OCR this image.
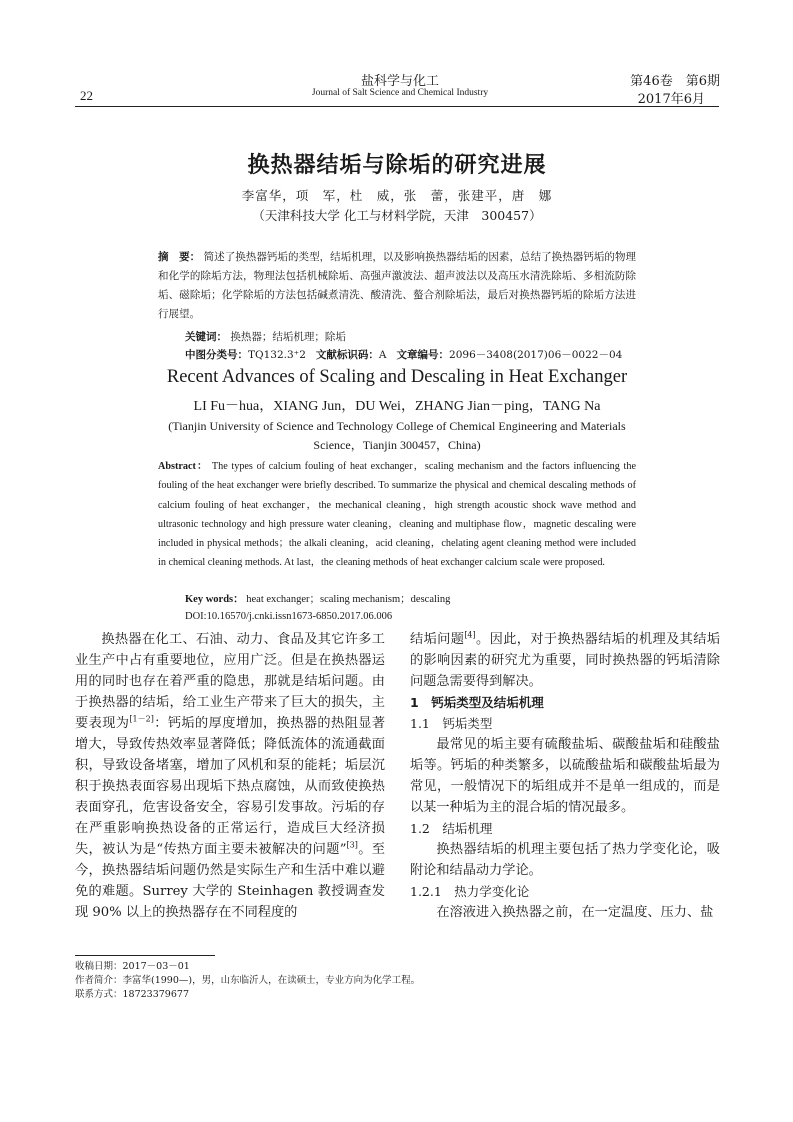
盐科学与化工
Journal of Salt Science and Chemical Industry
22
第46卷　第6期
2017年6月
换热器结垢与除垢的研究进展
李富华，项　军，杜　威，张　蕾，张建平，唐　娜
（天津科技大学 化工与材料学院，天津　300457）
摘　要： 简述了换热器钙垢的类型，结垢机理，以及影响换热器结垢的因素，总结了换热器钙垢的物理和化学的除垢方法，物理法包括机械除垢、高强声激波法、超声波法以及高压水清洗除垢、多相流防除垢、磁除垢；化学除垢的方法包括碱煮清洗、酸清洗、螯合剂除垢法，最后对换热器钙垢的除垢方法进行展望。
关键词： 换热器；结垢机理；除垢
中图分类号：TQ132.3⁺2 文献标识码：A 文章编号：2096－3408(2017)06－0022－04
Recent Advances of Scaling and Descaling in Heat Exchanger
LI Fu－hua，XIANG Jun，DU Wei，ZHANG Jian－ping，TANG Na
(Tianjin University of Science and Technology College of Chemical Engineering and Materials Science，Tianjin 300457，China)
Abstract： The types of calcium fouling of heat exchanger，scaling mechanism and the factors influencing the fouling of the heat exchanger were briefly described. To summarize the physical and chemical descaling methods of calcium fouling of heat exchanger，the mechanical cleaning，high strength acoustic shock wave method and ultrasonic technology and high pressure water cleaning，cleaning and multiphase flow，magnetic descaling were included in physical methods；the alkali cleaning，acid cleaning，chelating agent cleaning method were included in chemical cleaning methods. At last，the cleaning methods of heat exchanger calcium scale were proposed.
Key words： heat exchanger；scaling mechanism；descaling
DOI:10.16570/j.cnki.issn1673-6850.2017.06.006

换热器在化工、石油、动力、食品及其它许多工业生产中占有重要地位，应用广泛。但是在换热器运用的同时也存在着严重的隐患，那就是结垢问题。由于换热器的结垢，给工业生产带来了巨大的损失，主要表现为[1－2]：钙垢的厚度增加，换热器的热阻显著增大，导致传热效率显著降低；降低流体的流通截面积，导致设备堵塞，增加了风机和泵的能耗；垢层沉积于换热表面容易出现垢下热点腐蚀，从而致使换热表面穿孔，危害设备安全，容易引发事故。污垢的存在严重影响换热设备的正常运行，造成巨大经济损失，被认为是“传热方面主要未被解决的问题”[3]。至今，换热器结垢问题仍然是实际生产和生活中难以避免的难题。Surrey 大学的 Steinhagen 教授调查发现 90% 以上的换热器存在不同程度的

结垢问题[4]。因此，对于换热器结垢的机理及其结垢的影响因素的研究尤为重要，同时换热器的钙垢清除问题急需要得到解决。

1　钙垢类型及结垢机理

1.1　钙垢类型

最常见的垢主要有硫酸盐垢、碳酸盐垢和硅酸盐垢等。钙垢的种类繁多，以硫酸盐垢和碳酸盐垢最为常见，一般情况下的垢组成并不是单一组成的，而是以某一种垢为主的混合垢的情况最多。

1.2　结垢机理

换热器结垢的机理主要包括了热力学变化论，吸附论和结晶动力学论。

1.2.1　热力学变化论

在溶液进入换热器之前，在一定温度、压力、盐

收稿日期：2017－03－01
作者简介：李富华(1990—)，男，山东临沂人，在读硕士，专业方向为化学工程。
联系方式：18723379677
